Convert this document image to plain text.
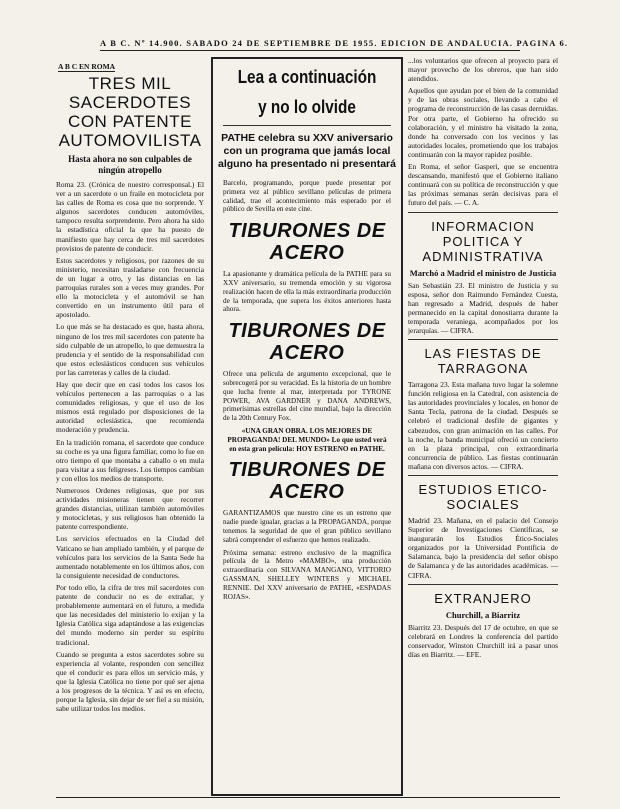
A B C. Nº 14.900. SABADO 24 DE SEPTIEMBRE DE 1955. EDICION DE ANDALUCIA. PAGINA 6.
A B C EN ROMA
TRES MIL SACERDOTES CON PATENTE AUTOMOVILISTA
Hasta ahora no son culpables de ningún atropello

Roma 23. (Crónica de nuestro corresponsal.) El ver a un sacerdote o un fraile en motocicleta por las calles de Roma es cosa que no sorprende. Y algunos sacerdotes conducen automóviles, tampoco resulta sorprendente. Pero ahora ha sido la estadística oficial la que ha puesto de manifiesto que hay cerca de tres mil sacerdotes provistos de patente de conducir.

Estos sacerdotes y religiosos, por razones de su ministerio, necesitan trasladarse con frecuencia de un lugar a otro, y las distancias en las parroquias rurales son a veces muy grandes. Por ello la motocicleta y el automóvil se han convertido en un instrumento útil para el apostolado.

Lo que más se ha destacado es que, hasta ahora, ninguno de los tres mil sacerdotes con patente ha sido culpable de un atropello, lo que demuestra la prudencia y el sentido de la responsabilidad con que estos eclesiásticos conducen sus vehículos por las carreteras y calles de la ciudad.

Hay que decir que en casi todos los casos los vehículos pertenecen a las parroquias o a las comunidades religiosas, y que el uso de los mismos está regulado por disposiciones de la autoridad eclesiástica, que recomienda moderación y prudencia.

En la tradición romana, el sacerdote que conduce su coche es ya una figura familiar, como lo fue en otro tiempo el que montaba a caballo o en mula para visitar a sus feligreses. Los tiempos cambian y con ellos los medios de transporte.

Numerosos Ordenes religiosas, que por sus actividades misioneras tienen que recorrer grandes distancias, utilizan también automóviles y motocicletas, y sus religiosos han obtenido la patente correspondiente.

Los servicios efectuados en la Ciudad del Vaticano se han ampliado también, y el parque de vehículos para los servicios de la Santa Sede ha aumentado notablemente en los últimos años, con la consiguiente necesidad de conductores.

Por todo ello, la cifra de tres mil sacerdotes con patente de conducir no es de extrañar, y probablemente aumentará en el futuro, a medida que las necesidades del ministerio lo exijan y la Iglesia Católica siga adaptándose a las exigencias del mundo moderno sin perder su espíritu tradicional.

Cuando se pregunta a estos sacerdotes sobre su experiencia al volante, responden con sencillez que el conducir es para ellos un servicio más, y que la Iglesia Católica no tiene por qué ser ajena a los progresos de la técnica. Y así es en efecto, porque la Iglesia, sin dejar de ser fiel a su misión, sabe utilizar todos los medios.

Lea a continuación
y no lo olvide
PATHE celebra su XXV aniversario con un programa que jamás local alguno ha presentado ni presentará
Barcelo, programando, porque puede presentar por primera vez al público sevillano películas de primera calidad, trae el acontecimiento más esperado por el público de Sevilla en este cine.
TIBURONES DE ACERO
La apasionante y dramática película de la PATHE para su XXV aniversario, su tremenda emoción y su vigorosa realización hacen de ella la más extraordinaria producción de la temporada, que supera los éxitos anteriores hasta ahora.
TIBURONES DE ACERO
Ofrece una película de argumento excepcional, que le sobrecogerá por su veracidad. Es la historia de un hombre que lucha frente al mar, interpretada por TYRONE POWER, AVA GARDNER y DANA ANDREWS, primerísimas estrellas del cine mundial, bajo la dirección de la 20th Century Fox.
«UNA GRAN OBRA. LOS MEJORES DE PROPAGANDA! DEL MUNDO» Lo que usted verá en esta gran película: HOY ESTRENO en PATHE.
TIBURONES DE ACERO
GARANTIZAMOS que nuestro cine es un estreno que nadie puede igualar, gracias a la PROPAGANDA, porque tenemos la seguridad de que el gran público sevillano sabrá comprender el esfuerzo que hemos realizado.
Próxima semana: estreno exclusivo de la magnífica película de la Metro «MAMBO», una producción extraordinaria con SILVANA MANGANO, VITTORIO GASSMAN, SHELLEY WINTERS y MICHAEL RENNIE. Del XXV aniversario de PATHE, «ESPADAS ROJAS».

...los voluntarios que ofrecen al proyecto para el mayor provecho de los obreros, que han sido atendidos.

Aquellos que ayudan por el bien de la comunidad y de las obras sociales, llevando a cabo el programa de reconstrucción de las casas derruidas. Por otra parte, el Gobierno ha ofrecido su colaboración, y el ministro ha visitado la zona, donde ha conversado con los vecinos y las autoridades locales, prometiendo que los trabajos continuarán con la mayor rapidez posible.

En Roma, el señor Gasperi, que se encuentra descansando, manifestó que el Gobierno italiano continuará con su política de reconstrucción y que las próximas semanas serán decisivas para el futuro del país. — C. A.

INFORMACION POLITICA Y ADMINISTRATIVA
Marchó a Madrid el ministro de Justicia

San Sebastián 23. El ministro de Justicia y su esposa, señor don Raimundo Fernández Cuesta, han regresado a Madrid, después de haber permanecido en la capital donostiarra durante la temporada veraniega, acompañados por los jerarquías. — CIFRA.

LAS FIESTAS DE TARRAGONA

Tarragona 23. Esta mañana tuvo lugar la solemne función religiosa en la Catedral, con asistencia de las autoridades provinciales y locales, en honor de Santa Tecla, patrona de la ciudad. Después se celebró el tradicional desfile de gigantes y cabezudos, con gran animación en las calles. Por la noche, la banda municipal ofreció un concierto en la plaza principal, con extraordinaria concurrencia de público. Las fiestas continuarán mañana con diversos actos. — CIFRA.

ESTUDIOS ETICO-SOCIALES

Madrid 23. Mañana, en el palacio del Consejo Superior de Investigaciones Científicas, se inaugurarán los Estudios Ético-Sociales organizados por la Universidad Pontificia de Salamanca, bajo la presidencia del señor obispo de Salamanca y de las autoridades académicas. — CIFRA.

EXTRANJERO
Churchill, a Biarritz

Biarritz 23. Después del 17 de octubre, en que se celebrará en Londres la conferencia del partido conservador, Winston Churchill irá a pasar unos días en Biarritz. — EFE.
